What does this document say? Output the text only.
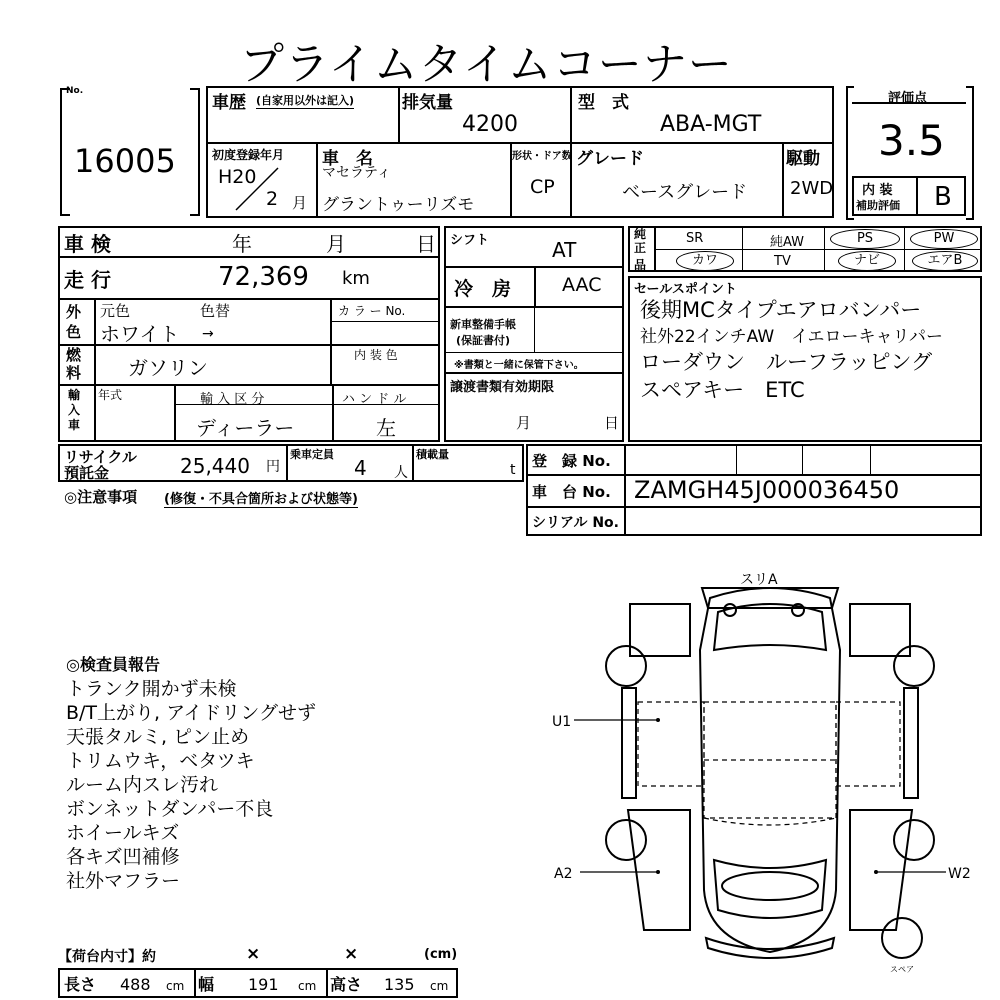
プライムタイムコーナー
No.
16005
車歴 (自家用以外は記入)	排気量
4200
型　式
ABA-MGT
初度登録年月
H20
2 月
車　名
マセラティ
グラントゥーリズモ
形状・ドア数
CP
グレード
ベースグレード
駆動
2WD
評価点
3.5
内 装
補助評価 B
車 検	年	月	日
走 行	72,369 km
外色
元色	色替	カ ラ ー No.
ホワイト →
燃料 ガソリン
内 装 色
輸入車
年式	輸 入 区 分
ディーラー
ハ ン ド ル
左
リサイクル
預託金	25,440 円
乗車定員
4 人
積載量
t
◎注意事項 (修復・不具合箇所および状態等)
シフト	AT
冷　房	AAC
新車整備手帳
(保証書付)
※書類と一緒に保管下さい。
譲渡書類有効期限
月	日
純正
品
SR	純AW	PS	PW
カワ	TV	ナビ	エアB
セールスポイント
後期MCタイプエアロバンパー
社外22インチAW　イエローキャリパー
ローダウン　ルーフラッピング
スペアキー　ETC
登　録 No.
車　台 No. ZAMGH45J000036450
シリアル No.
◎検査員報告
トランク開かず未検
B/T上がり, アイドリングせず
天張タルミ, ピン止め
トリムウキ，ベタツキ
ルーム内スレ汚れ
ボンネットダンパー不良
ホイールキズ
各キズ凹補修
社外マフラー
【荷台内寸】約	×	×	(cm)
長さ 488 cm 幅 191 cm 高さ 135 cm
スリA
U1
A2	W2
スペア
